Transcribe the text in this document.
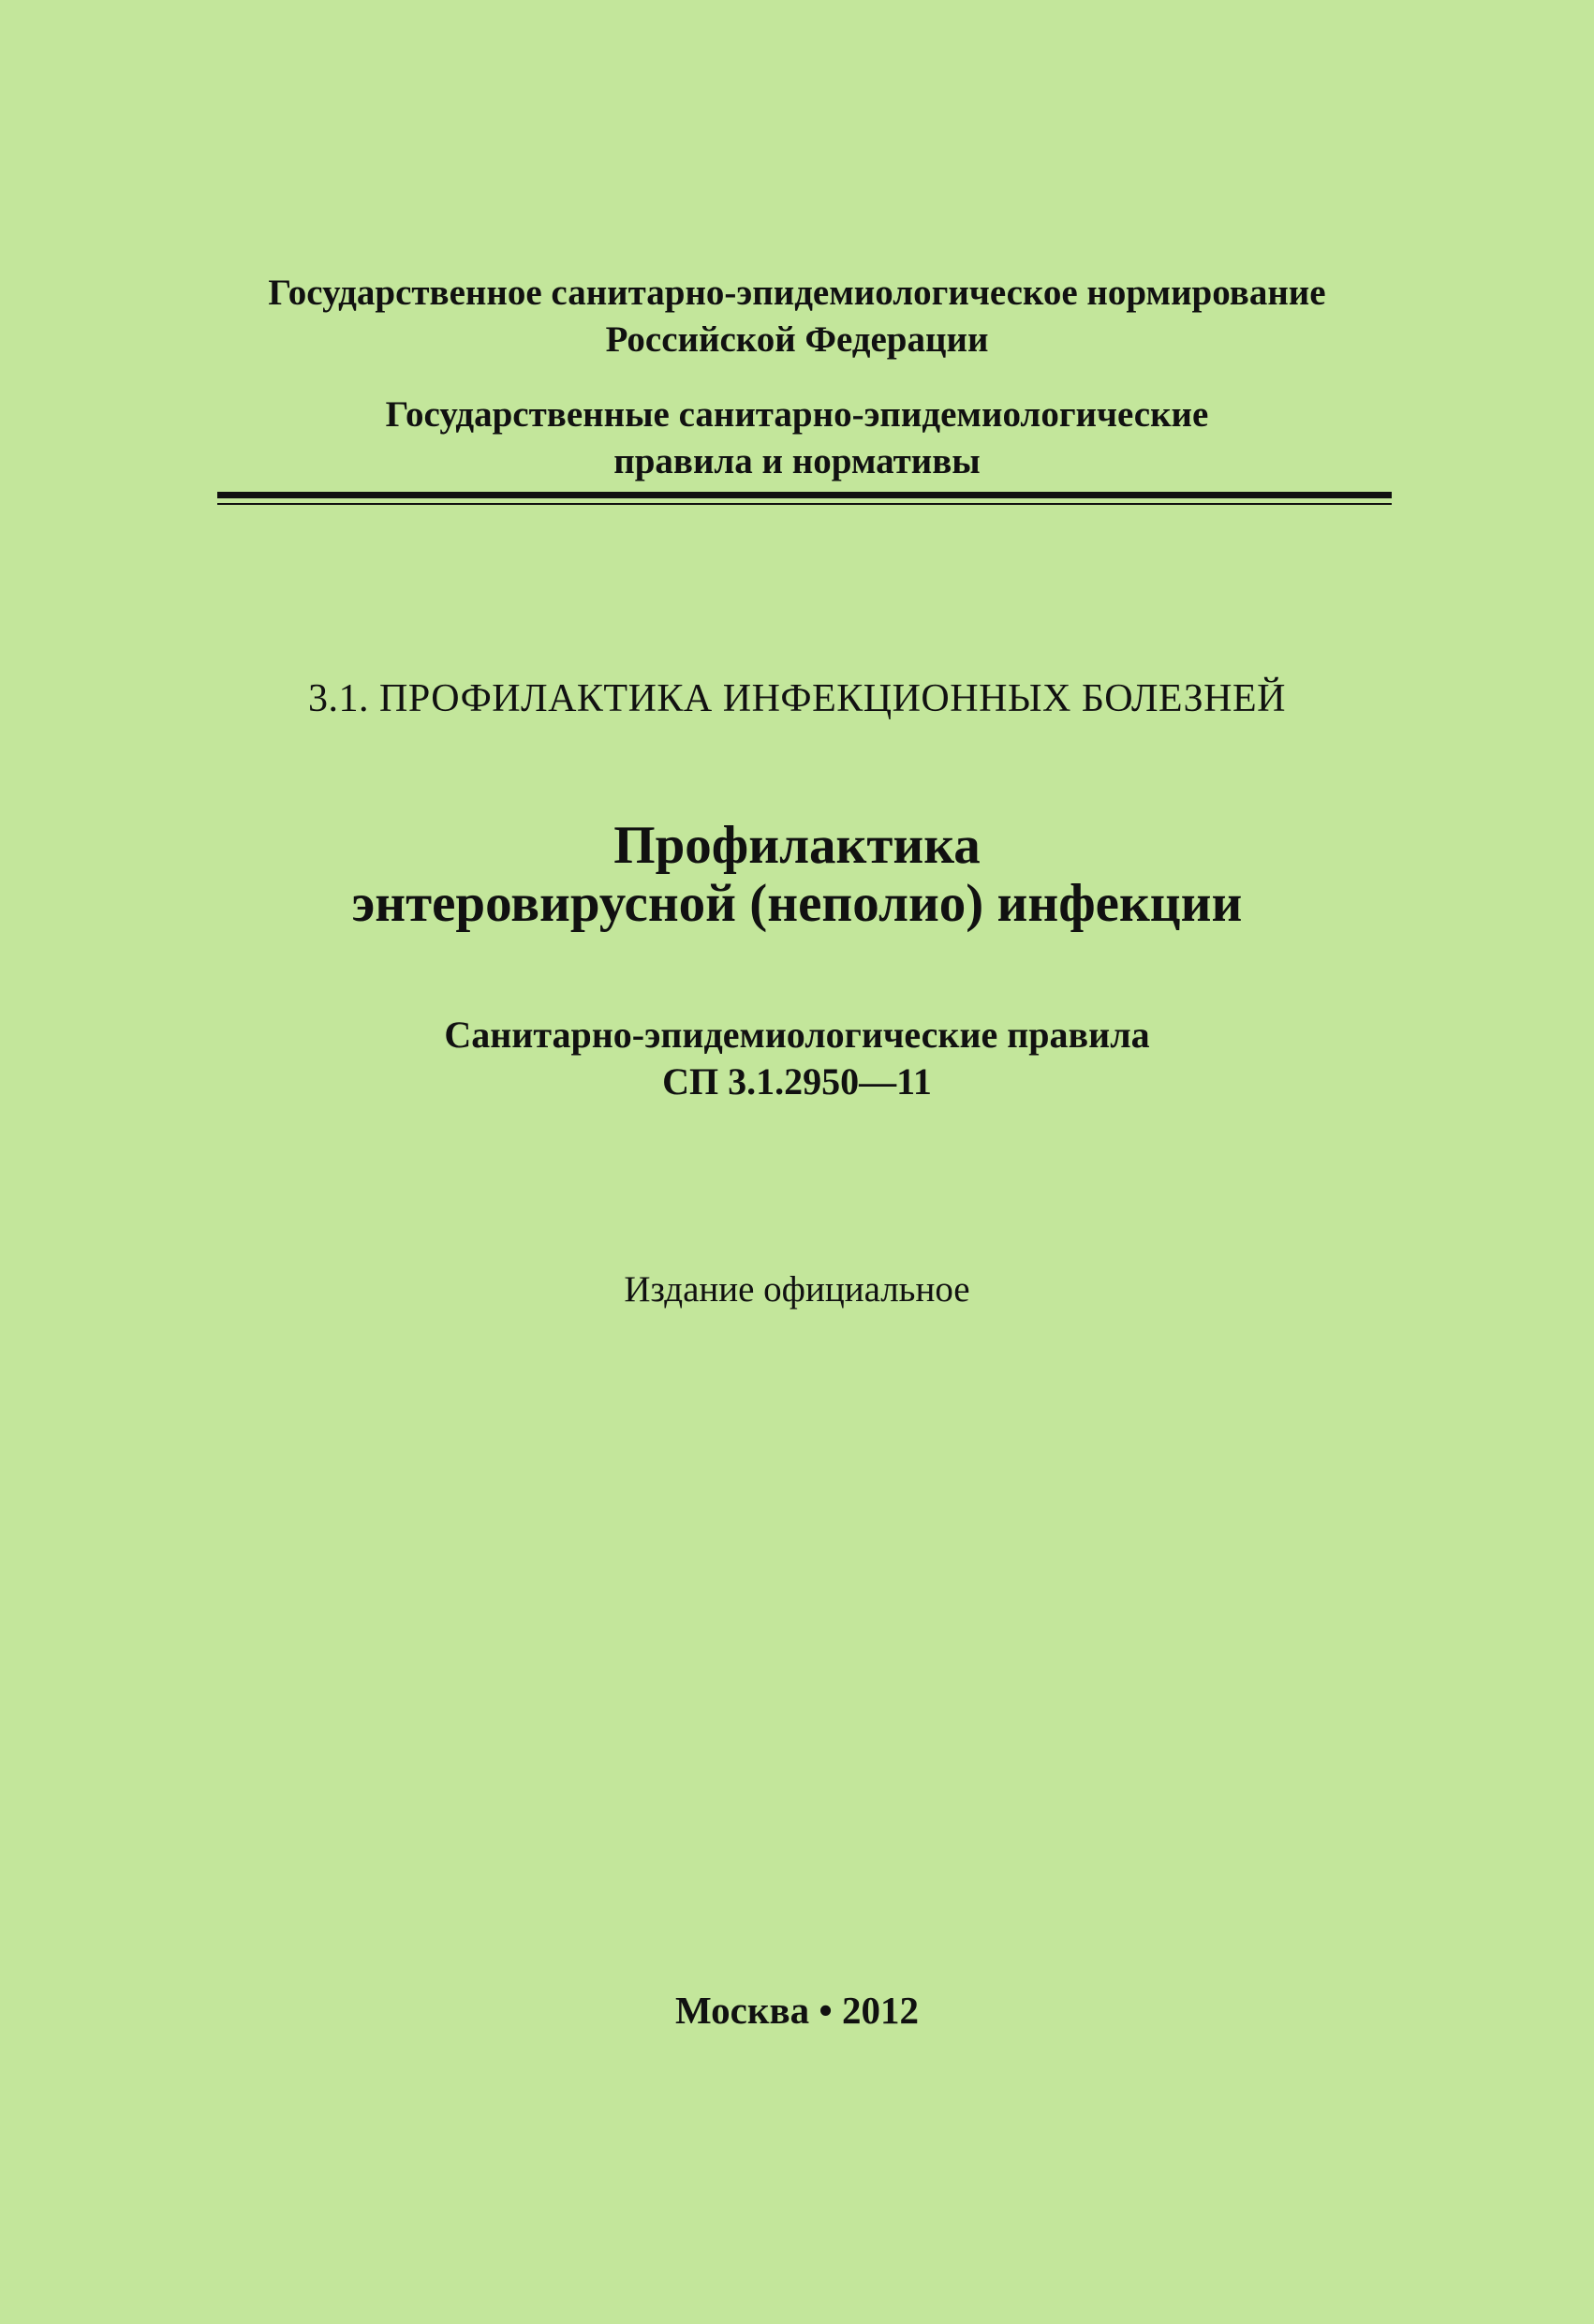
Государственное санитарно-эпидемиологическое нормирование
Российской Федерации
Государственные санитарно-эпидемиологические
правила и нормативы
3.1. ПРОФИЛАКТИКА ИНФЕКЦИОННЫХ БОЛЕЗНЕЙ
Профилактика
энтеровирусной (неполио) инфекции
Санитарно-эпидемиологические правила
СП 3.1.2950—11
Издание официальное
Москва • 2012
